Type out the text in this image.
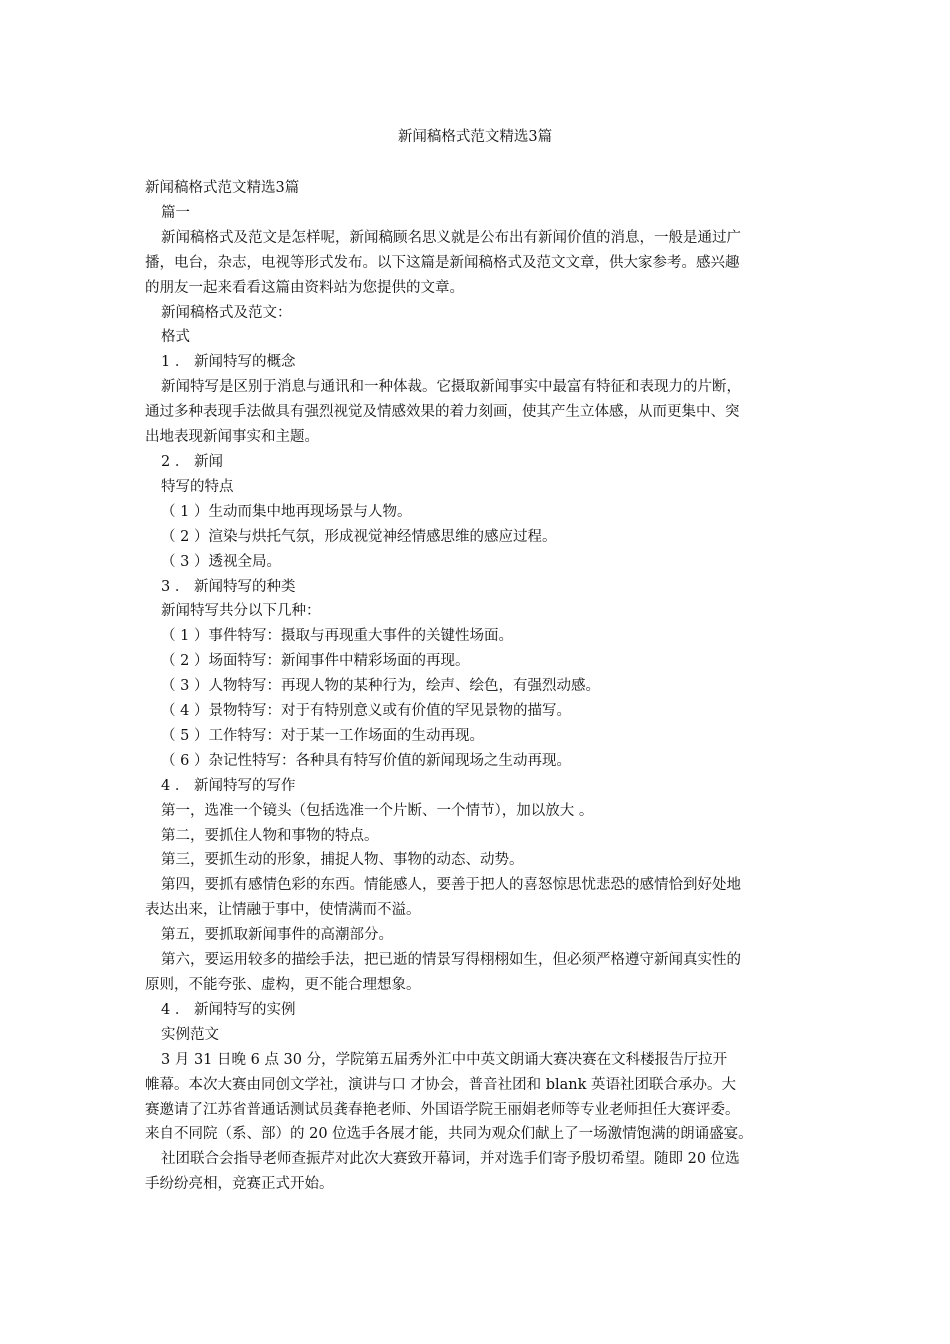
新闻稿格式范文精选3篇
新闻稿格式范文精选3篇
篇一
新闻稿格式及范文是怎样呢，新闻稿顾名思义就是公布出有新闻价值的消息，一般是通过广
播，电台，杂志，电视等形式发布。以下这篇是新闻稿格式及范文文章，供大家参考。感兴趣
的朋友一起来看看这篇由资料站为您提供的文章。
新闻稿格式及范文：
格式
1 ． 新闻特写的概念
新闻特写是区别于消息与通讯和一种体裁。它摄取新闻事实中最富有特征和表现力的片断，
通过多种表现手法做具有强烈视觉及情感效果的着力刻画，使其产生立体感，从而更集中、突
出地表现新闻事实和主题。
2 ． 新闻
特写的特点
（ 1 ）生动而集中地再现场景与人物。
（ 2 ）渲染与烘托气氛，形成视觉神经情感思维的感应过程。
（ 3 ）透视全局。
3 ． 新闻特写的种类
新闻特写共分以下几种：
（ 1 ）事件特写：摄取与再现重大事件的关键性场面。
（ 2 ）场面特写：新闻事件中精彩场面的再现。
（ 3 ）人物特写：再现人物的某种行为，绘声、绘色，有强烈动感。
（ 4 ）景物特写：对于有特别意义或有价值的罕见景物的描写。
（ 5 ）工作特写：对于某一工作场面的生动再现。
（ 6 ）杂记性特写：各种具有特写价值的新闻现场之生动再现。
4 ． 新闻特写的写作
第一，选准一个镜头（包括选准一个片断、一个情节），加以放大 。
第二，要抓住人物和事物的特点。
第三，要抓生动的形象，捕捉人物、事物的动态、动势。
第四，要抓有感情色彩的东西。情能感人，要善于把人的喜怒惊思忧悲恐的感情恰到好处地
表达出来，让情融于事中，使情满而不溢。
第五，要抓取新闻事件的高潮部分。
第六，要运用较多的描绘手法，把已逝的情景写得栩栩如生，但必须严格遵守新闻真实性的
原则，不能夸张、虚构，更不能合理想象。
4 ． 新闻特写的实例
实例范文
3 月 31 日晚 6 点 30 分，学院第五届秀外汇中中英文朗诵大赛决赛在文科楼报告厅拉开
帷幕。本次大赛由同创文学社，演讲与口 才协会，普音社团和 blank 英语社团联合承办。大
赛邀请了江苏省普通话测试员龚春艳老师、外国语学院王丽娟老师等专业老师担任大赛评委。
来自不同院（系、部）的 20 位选手各展才能，共同为观众们献上了一场激情饱满的朗诵盛宴。
社团联合会指导老师查振芹对此次大赛致开幕词，并对选手们寄予殷切希望。随即 20 位选
手纷纷亮相，竞赛正式开始。
